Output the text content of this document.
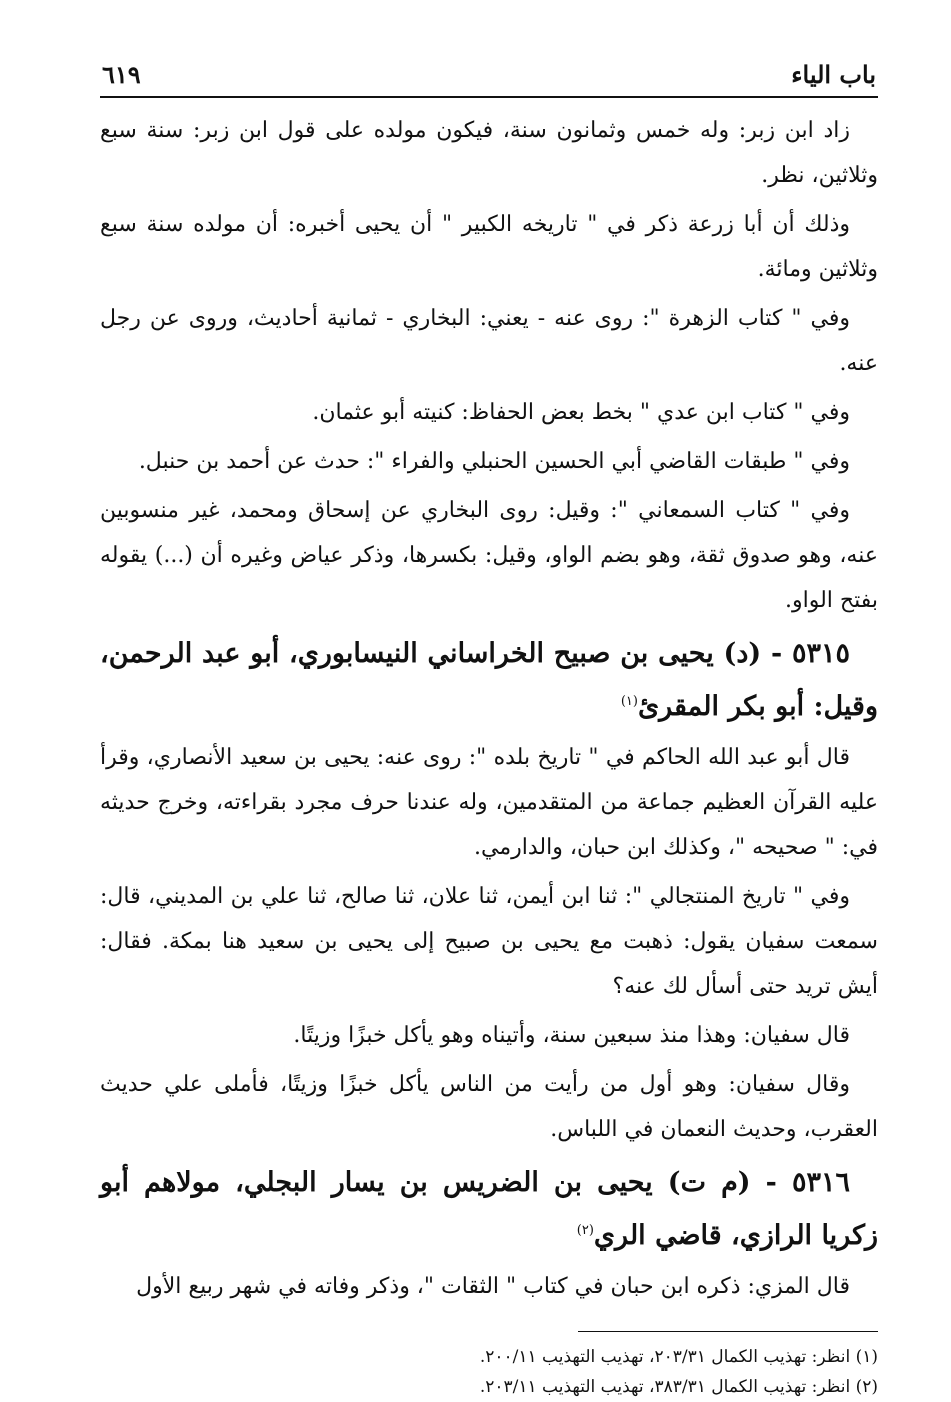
باب الياء
٦١٩

زاد ابن زبر: وله خمس وثمانون سنة، فيكون مولده على قول ابن زبر: سنة سبع وثلاثين، نظر.

وذلك أن أبا زرعة ذكر في " تاريخه الكبير " أن يحيى أخبره: أن مولده سنة سبع وثلاثين ومائة.

وفي " كتاب الزهرة ": روى عنه - يعني: البخاري - ثمانية أحاديث، وروى عن رجل عنه.

وفي " كتاب ابن عدي " بخط بعض الحفاظ: كنيته أبو عثمان.

وفي " طبقات القاضي أبي الحسين الحنبلي والفراء ": حدث عن أحمد بن حنبل.

وفي " كتاب السمعاني ": وقيل: روى البخاري عن إسحاق ومحمد، غير منسوبين عنه، وهو صدوق ثقة، وهو بضم الواو، وقيل: بكسرها، وذكر عياض وغيره أن (...) يقوله بفتح الواو.

٥٣١٥ - (د) يحيى بن صبيح الخراساني النيسابوري، أبو عبد الرحمن، وقيل: أبو بكر المقرئ$^{(١)}$

قال أبو عبد الله الحاكم في " تاريخ بلده ": روى عنه: يحيى بن سعيد الأنصاري، وقرأ عليه القرآن العظيم جماعة من المتقدمين، وله عندنا حرف مجرد بقراءته، وخرج حديثه في: " صحيحه "، وكذلك ابن حبان، والدارمي.

وفي " تاريخ المنتجالي ": ثنا ابن أيمن، ثنا علان، ثنا صالح، ثنا علي بن المديني، قال: سمعت سفيان يقول: ذهبت مع يحيى بن صبيح إلى يحيى بن سعيد هنا بمكة. فقال: أيش تريد حتى أسأل لك عنه؟

قال سفيان: وهذا منذ سبعين سنة، وأتيناه وهو يأكل خبزًا وزيتًا.

وقال سفيان: وهو أول من رأيت من الناس يأكل خبزًا وزيتًا، فأملى علي حديث العقرب، وحديث النعمان في اللباس.

٥٣١٦ - (م ت) يحيى بن الضريس بن يسار البجلي، مولاهم أبو زكريا الرازي، قاضي الري$^{(٢)}$

قال المزي: ذكره ابن حبان في كتاب " الثقات "، وذكر وفاته في شهر ربيع الأول

(١) انظر: تهذيب الكمال ٢٠٣/٣١، تهذيب التهذيب ٢٠٠/١١.
(٢) انظر: تهذيب الكمال ٣٨٣/٣١، تهذيب التهذيب ٢٠٣/١١.
